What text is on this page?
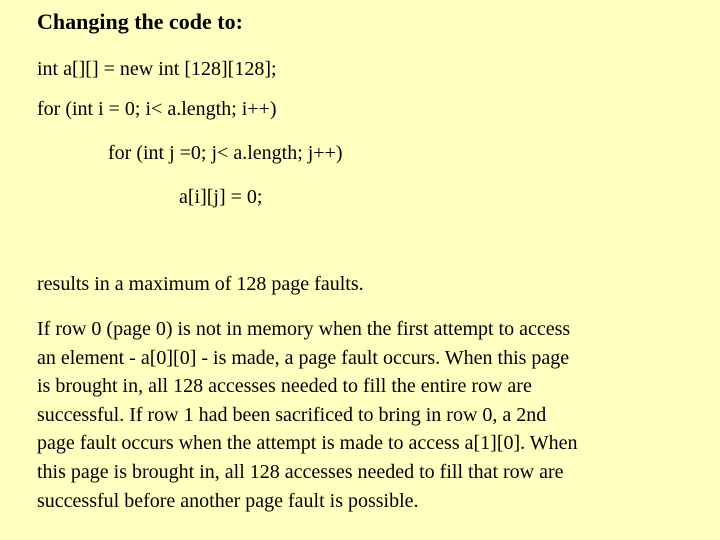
Changing the code to:
int a[][] = new int [128][128];
for (int i = 0; i< a.length; i++)
for (int j =0; j< a.length; j++)
a[i][j] = 0;
results in a maximum of 128 page faults.
If row 0 (page 0) is not in memory when the first attempt to access
an element - a[0][0] - is made, a page fault occurs. When this page
is brought in, all 128 accesses needed to fill the entire row are
successful. If row 1 had been sacrificed to bring in row 0, a 2nd
page fault occurs when the attempt is made to access a[1][0]. When
this page is brought in, all 128 accesses needed to fill that row are
successful before another page fault is possible.
